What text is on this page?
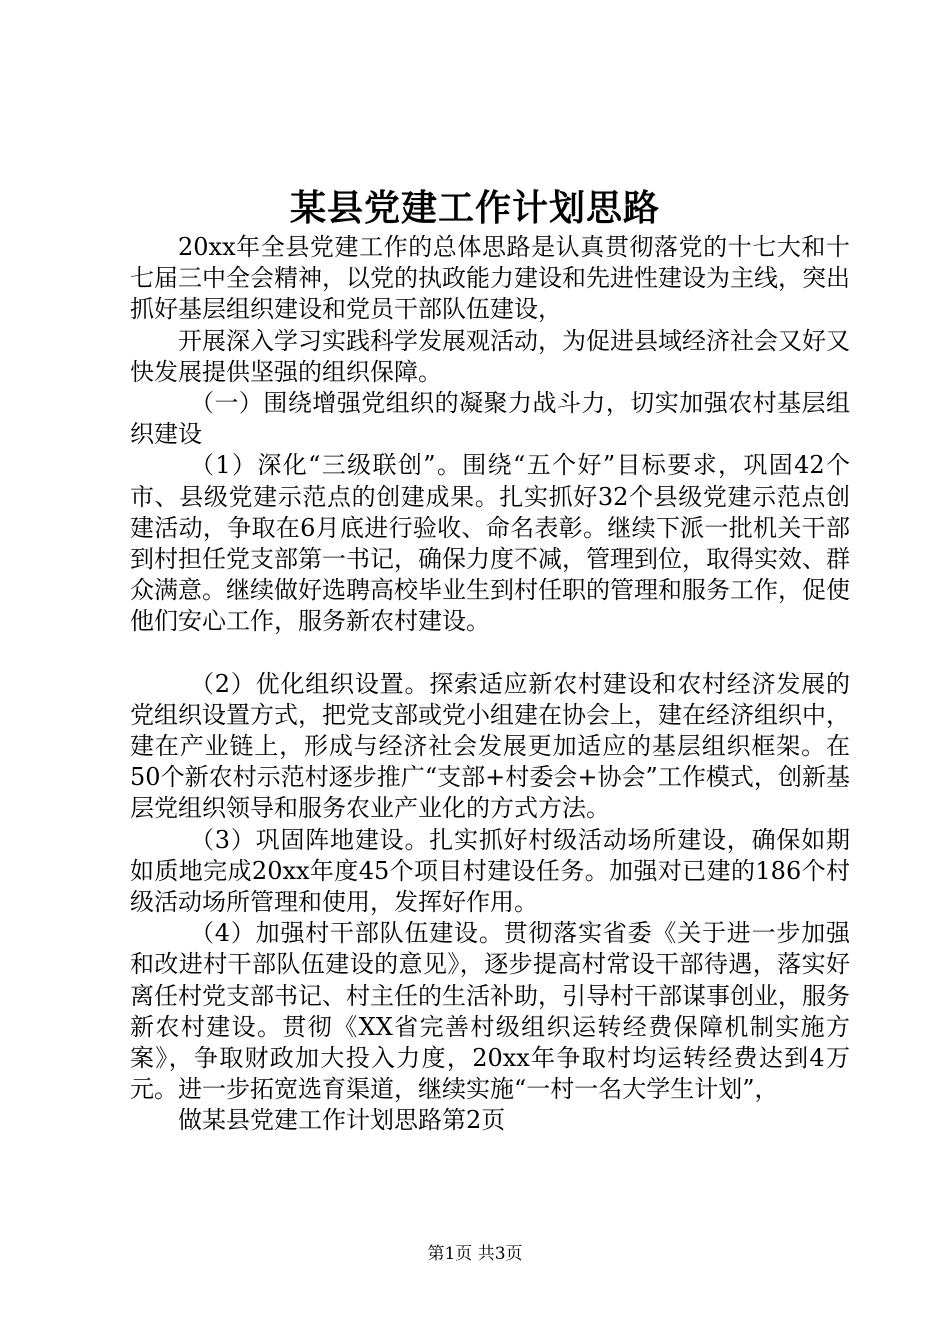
某县党建工作计划思路

20xx年全县党建工作的总体思路是认真贯彻落党的十七大和十七届三中全会精神，以党的执政能力建设和先进性建设为主线，突出抓好基层组织建设和党员干部队伍建设，

开展深入学习实践科学发展观活动，为促进县域经济社会又好又快发展提供坚强的组织保障。

（一）围绕增强党组织的凝聚力战斗力，切实加强农村基层组织建设

（1）深化“三级联创”。围绕“五个好”目标要求，巩固42个市、县级党建示范点的创建成果。扎实抓好32个县级党建示范点创建活动，争取在6月底进行验收、命名表彰。继续下派一批机关干部到村担任党支部第一书记，确保力度不减，管理到位，取得实效、群众满意。继续做好选聘高校毕业生到村任职的管理和服务工作，促使他们安心工作，服务新农村建设。

（2）优化组织设置。探索适应新农村建设和农村经济发展的党组织设置方式，把党支部或党小组建在协会上，建在经济组织中，建在产业链上，形成与经济社会发展更加适应的基层组织框架。在50个新农村示范村逐步推广“支部+村委会+协会”工作模式，创新基层党组织领导和服务农业产业化的方式方法。

（3）巩固阵地建设。扎实抓好村级活动场所建设，确保如期如质地完成20xx年度45个项目村建设任务。加强对已建的186个村级活动场所管理和使用，发挥好作用。

（4）加强村干部队伍建设。贯彻落实省委《关于进一步加强和改进村干部队伍建设的意见》，逐步提高村常设干部待遇，落实好离任村党支部书记、村主任的生活补助，引导村干部谋事创业，服务新农村建设。贯彻《XX省完善村级组织运转经费保障机制实施方案》，争取财政加大投入力度，20xx年争取村均运转经费达到4万元。进一步拓宽选育渠道，继续实施“一村一名大学生计划”，

做某县党建工作计划思路第2页

第1页 共3页
